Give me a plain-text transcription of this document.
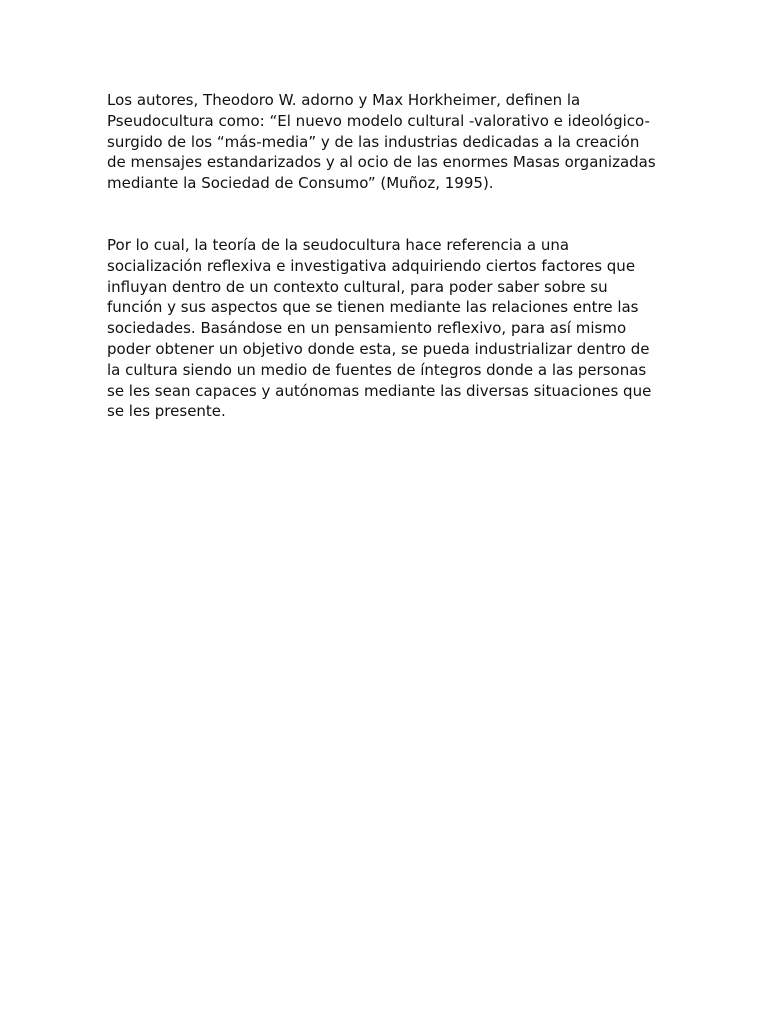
Los autores, Theodoro W. adorno y Max Horkheimer, definen la
Pseudocultura como: “El nuevo modelo cultural -valorativo e ideológico-
surgido de los “más-media” y de las industrias dedicadas a la creación
de mensajes estandarizados y al ocio de las enormes Masas organizadas
mediante la Sociedad de Consumo” (Muñoz, 1995).

Por lo cual, la teoría de la seudocultura hace referencia a una
socialización reflexiva e investigativa adquiriendo ciertos factores que
influyan dentro de un contexto cultural, para poder saber sobre su
función y sus aspectos que se tienen mediante las relaciones entre las
sociedades. Basándose en un pensamiento reflexivo, para así mismo
poder obtener un objetivo donde esta, se pueda industrializar dentro de
la cultura siendo un medio de fuentes de íntegros donde a las personas
se les sean capaces y autónomas mediante las diversas situaciones que
se les presente.
